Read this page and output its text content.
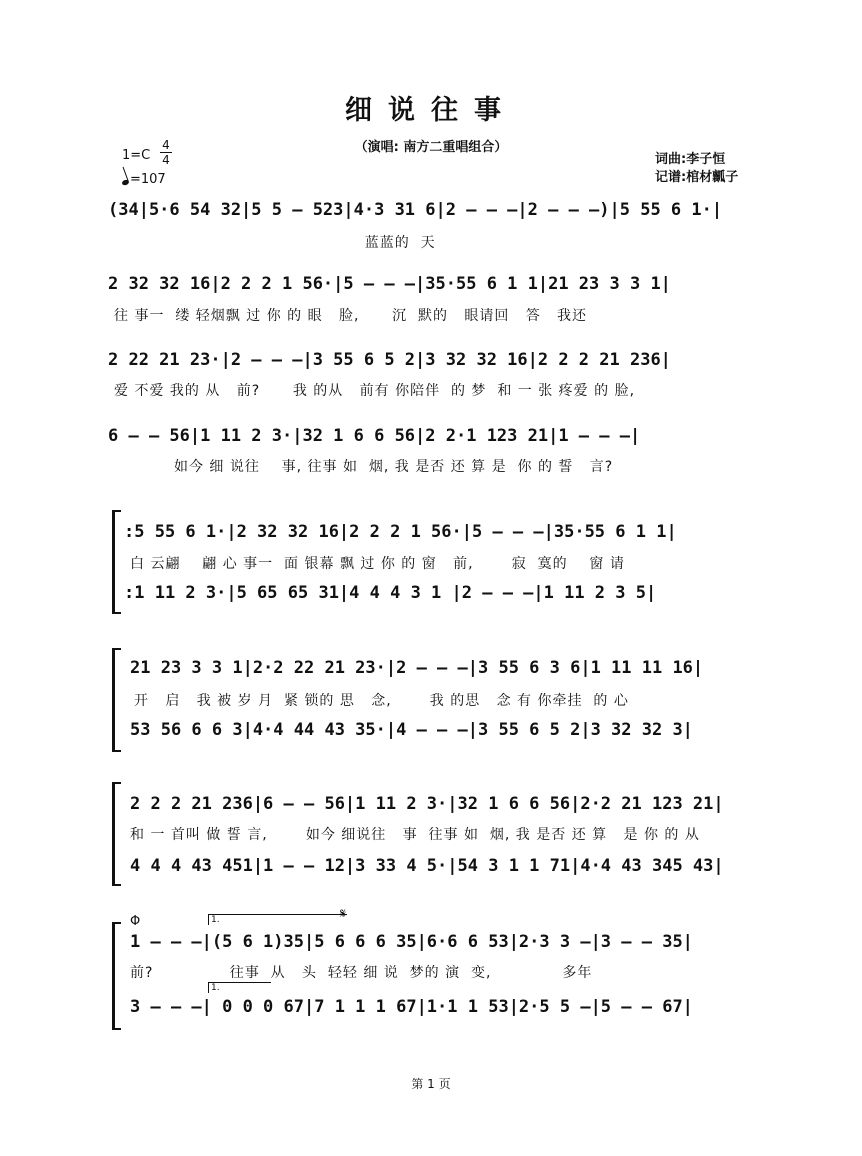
细说往事
（演唱: 南方二重唱组合）
词曲:李子恒
记谱:棺材瓤子
1=C
4
4
=107
(34|5·6 54 32|5 5 – 523|4·3 31 6|2 – – –|2 – – –)|5 55 6 1·|
蓝蓝的  天
2 32 32 16|2 2 2 1 56·|5 – – –|35·55 6 1 1|21 23 3 3 1|
往 事一  缕 轻烟飘 过 你 的 眼   脸,      沉  默的   眼请回   答   我还
2 22 21 23·|2 – – –|3 55 6 5 2|3 32 32 16|2 2 2 21 236|
爱 不爱 我的 从   前?      我 的从   前有 你陪伴  的 梦  和 一 张 疼爱 的 脸,
6 – – 56|1 11 2 3·|32 1 6 6 56|2 2·1 123 21|1 – – –|
如今 细 说往    事, 往事 如  烟, 我 是否 还 算 是  你 的 誓   言?
:5 55 6 1·|2 32 32 16|2 2 2 1 56·|5 – – –|35·55 6 1 1|
白 云翩    翩 心 事一  面 银幕 飘 过 你 的 窗   前,       寂  寞的    窗 请
:1 11 2 3·|5 65 65 31|4 4 4 3 1 |2 – – –|1 11 2 3 5|
21 23 3 3 1|2·2 22 21 23·|2 – – –|3 55 6 3 6|1 11 11 16|
开   启   我 被 岁 月  紧 锁的 思   念,       我 的思   念 有 你牵挂  的 心
53 56 6 6 3|4·4 44 43 35·|4 – – –|3 55 6 5 2|3 32 32 3|
2 2 2 21 236|6 – – 56|1 11 2 3·|32 1 6 6 56|2·2 21 123 21|
和 一 首叫 做 誓 言,       如今 细说往   事  往事 如  烟, 我 是否 还 算   是 你 的 从
4 4 4 43 451|1 – – 12|3 33 4 5·|54 3 1 1 71|4·4 43 345 43|
Φ	𝄋
1.
1.
1 – – –|(5 6 1)35|5 6 6 6 35|6·6 6 53|2·3 3 –|3 – – 35|
前?              往事  从   头  轻轻 细 说  梦的 演  变,             多年
3 – – –| 0 0 0 67|7 1 1 1 67|1·1 1 53|2·5 5 –|5 – – 67|
第 1 页
